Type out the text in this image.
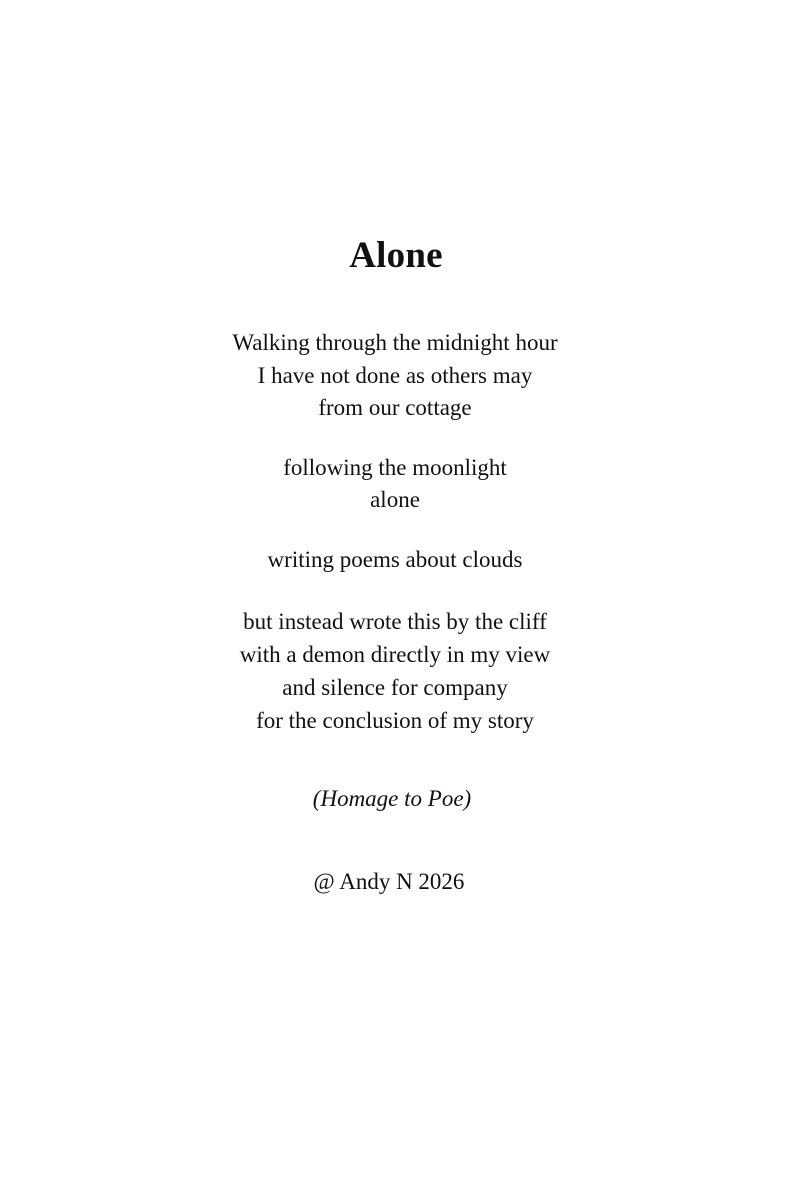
Alone
Walking through the midnight hour
I have not done as others may
from our cottage
following the moonlight
alone
writing poems about clouds
but instead wrote this by the cliff
with a demon directly in my view
and silence for company
for the conclusion of my story
(Homage to Poe)
@ Andy N 2026
